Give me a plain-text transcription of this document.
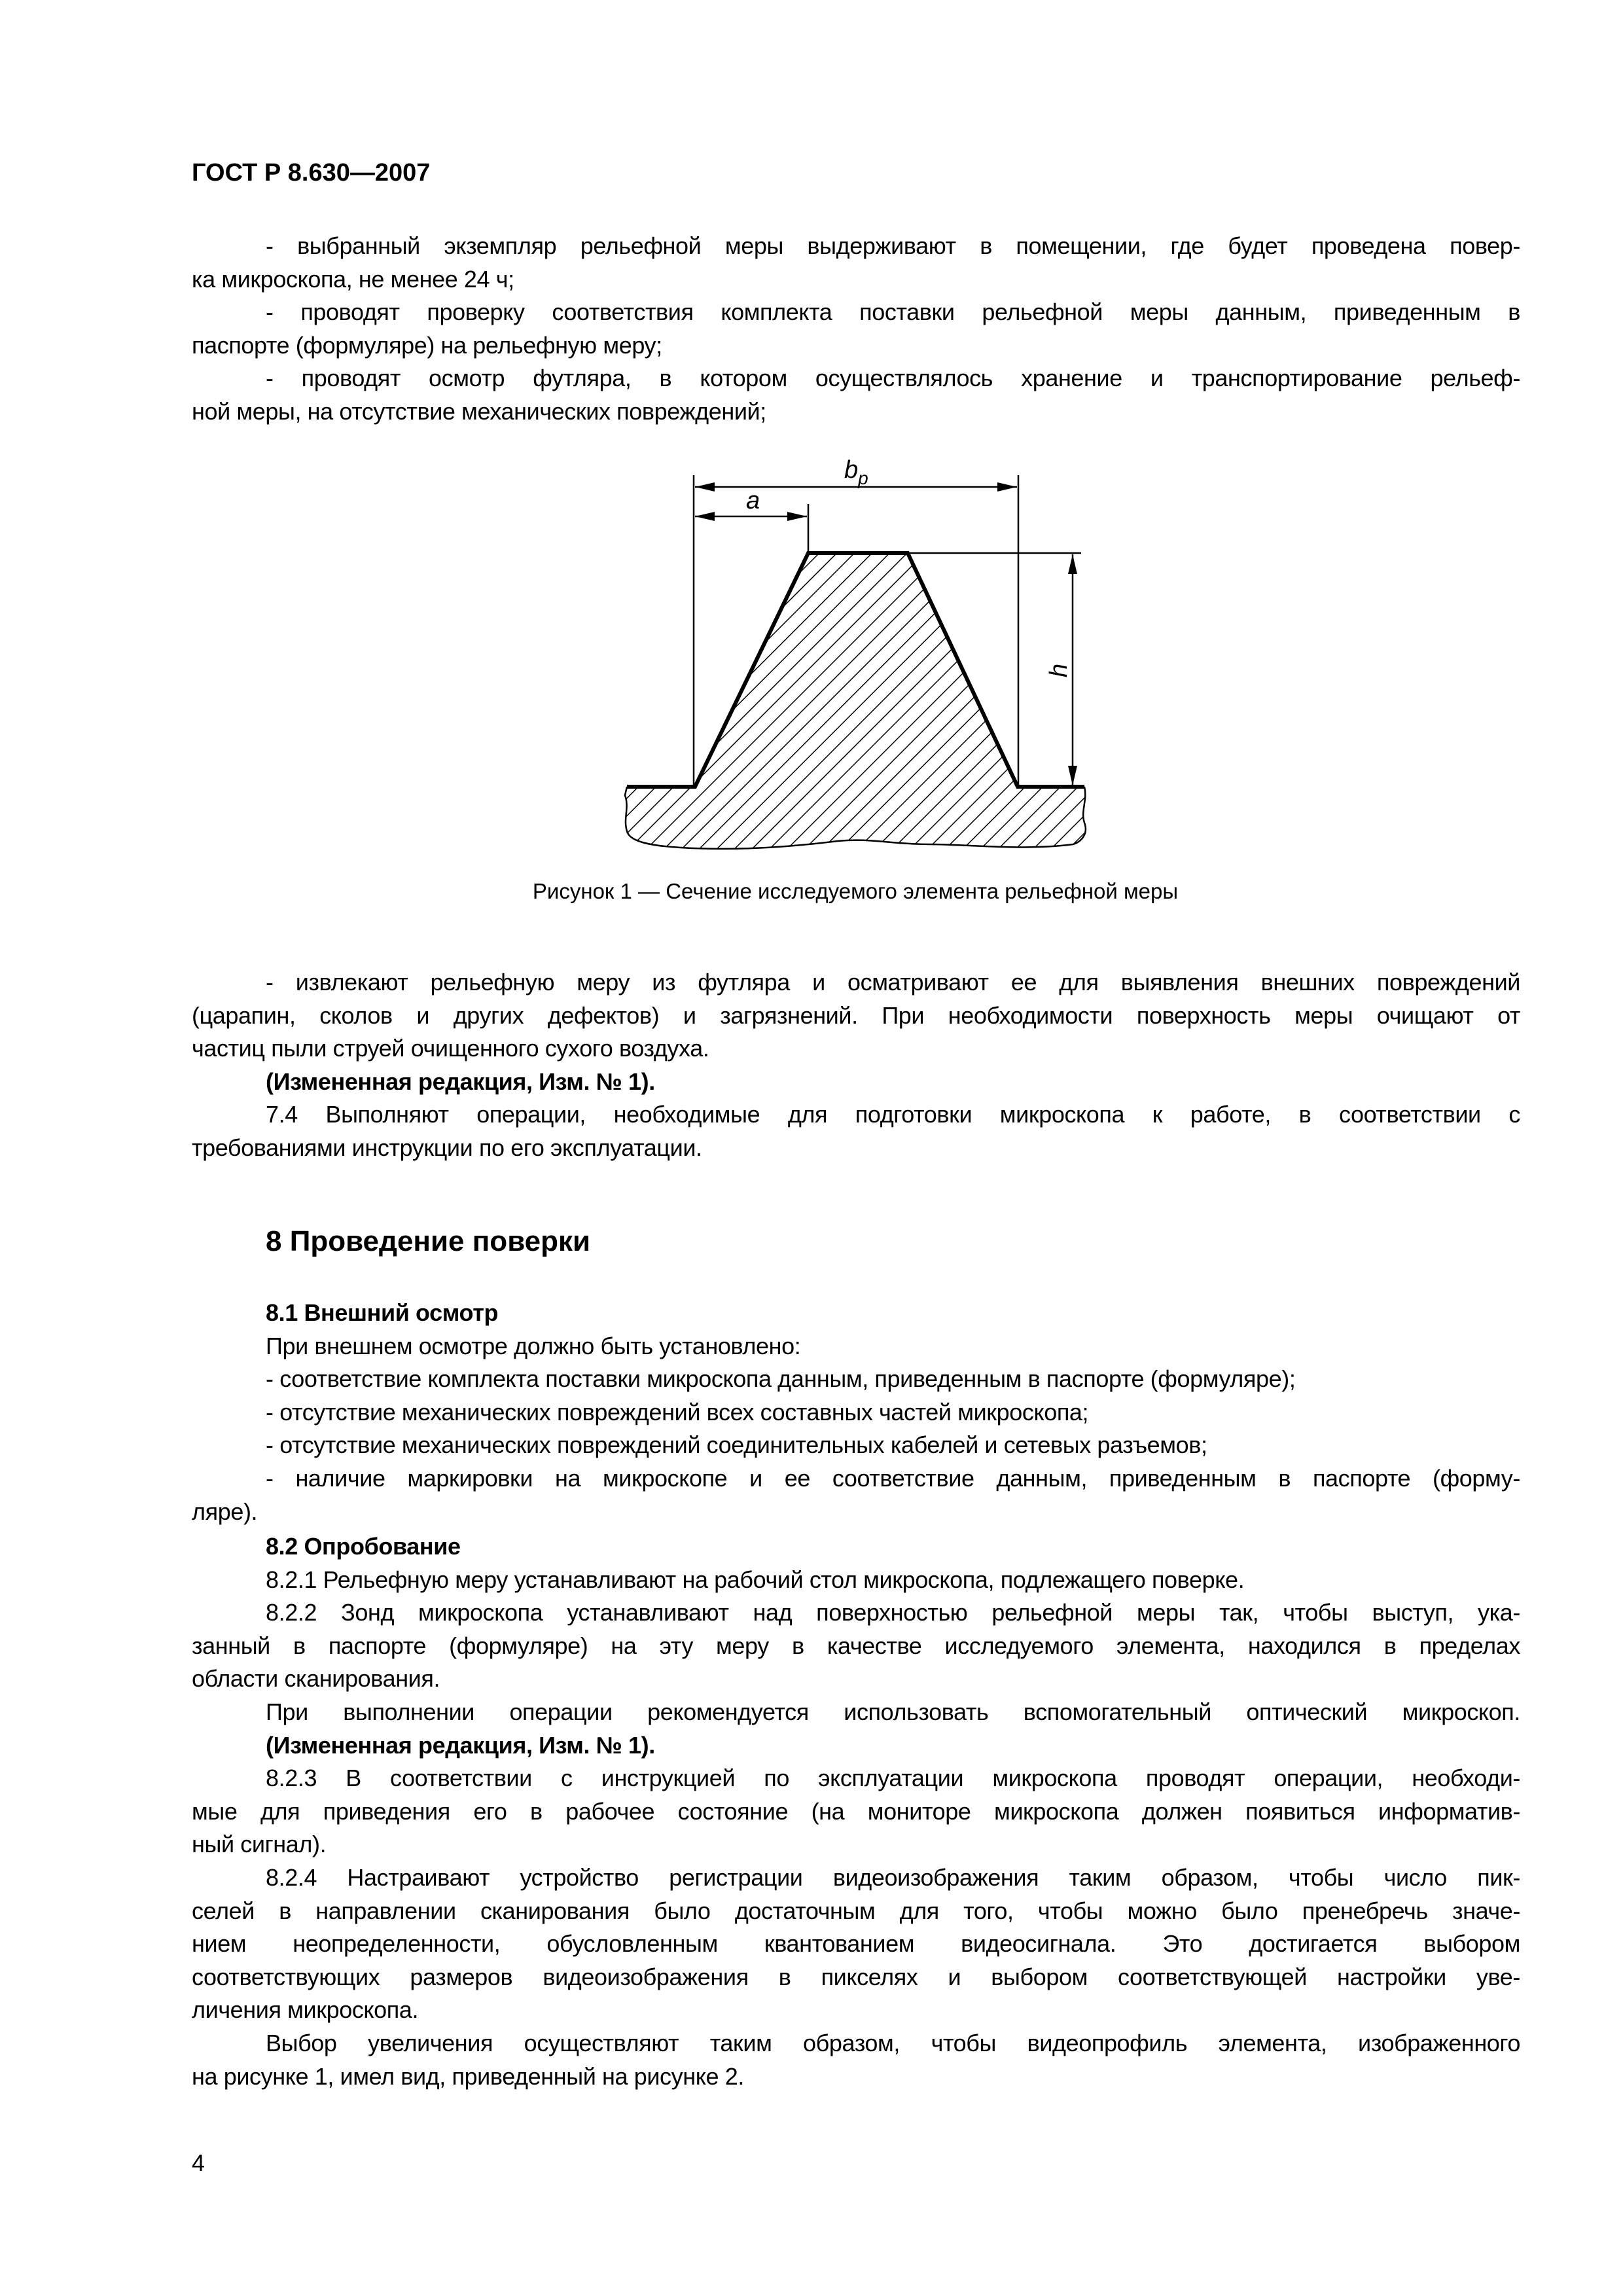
ГОСТ Р 8.630—2007
- выбранный экземпляр рельефной меры выдерживают в помещении, где будет проведена повер-
ка микроскопа, не менее 24 ч;
- проводят проверку соответствия комплекта поставки рельефной меры данным, приведенным в
паспорте (формуляре) на рельефную меру;
- проводят осмотр футляра, в котором осуществлялось хранение и транспортирование рельеф-
ной меры, на отсутствие механических повреждений;
$b_p$
a
h
Рисунок 1 — Сечение исследуемого элемента рельефной меры
- извлекают рельефную меру из футляра и осматривают ее для выявления внешних повреждений
(царапин, сколов и других дефектов) и загрязнений. При необходимости поверхность меры очищают от
частиц пыли струей очищенного сухого воздуха.
(Измененная редакция, Изм. № 1).
7.4 Выполняют операции, необходимые для подготовки микроскопа к работе, в соответствии с
требованиями инструкции по его эксплуатации.
8 Проведение поверки
8.1 Внешний осмотр
При внешнем осмотре должно быть установлено:
- соответствие комплекта поставки микроскопа данным, приведенным в паспорте (формуляре);
- отсутствие механических повреждений всех составных частей микроскопа;
- отсутствие механических повреждений соединительных кабелей и сетевых разъемов;
- наличие маркировки на микроскопе и ее соответствие данным, приведенным в паспорте (форму-
ляре).
8.2 Опробование
8.2.1 Рельефную меру устанавливают на рабочий стол микроскопа, подлежащего поверке.
8.2.2 Зонд микроскопа устанавливают над поверхностью рельефной меры так, чтобы выступ, ука-
занный в паспорте (формуляре) на эту меру в качестве исследуемого элемента, находился в пределах
области сканирования.
При выполнении операции рекомендуется использовать вспомогательный оптический микроскоп.
(Измененная редакция, Изм. № 1).
8.2.3 В соответствии с инструкцией по эксплуатации микроскопа проводят операции, необходи-
мые для приведения его в рабочее состояние (на мониторе микроскопа должен появиться информатив-
ный сигнал).
8.2.4 Настраивают устройство регистрации видеоизображения таким образом, чтобы число пик-
селей в направлении сканирования было достаточным для того, чтобы можно было пренебречь значе-
нием неопределенности, обусловленным квантованием видеосигнала. Это достигается выбором
соответствующих размеров видеоизображения в пикселях и выбором соответствующей настройки уве-
личения микроскопа.
Выбор увеличения осуществляют таким образом, чтобы видеопрофиль элемента, изображенного
на рисунке 1, имел вид, приведенный на рисунке 2.
4
